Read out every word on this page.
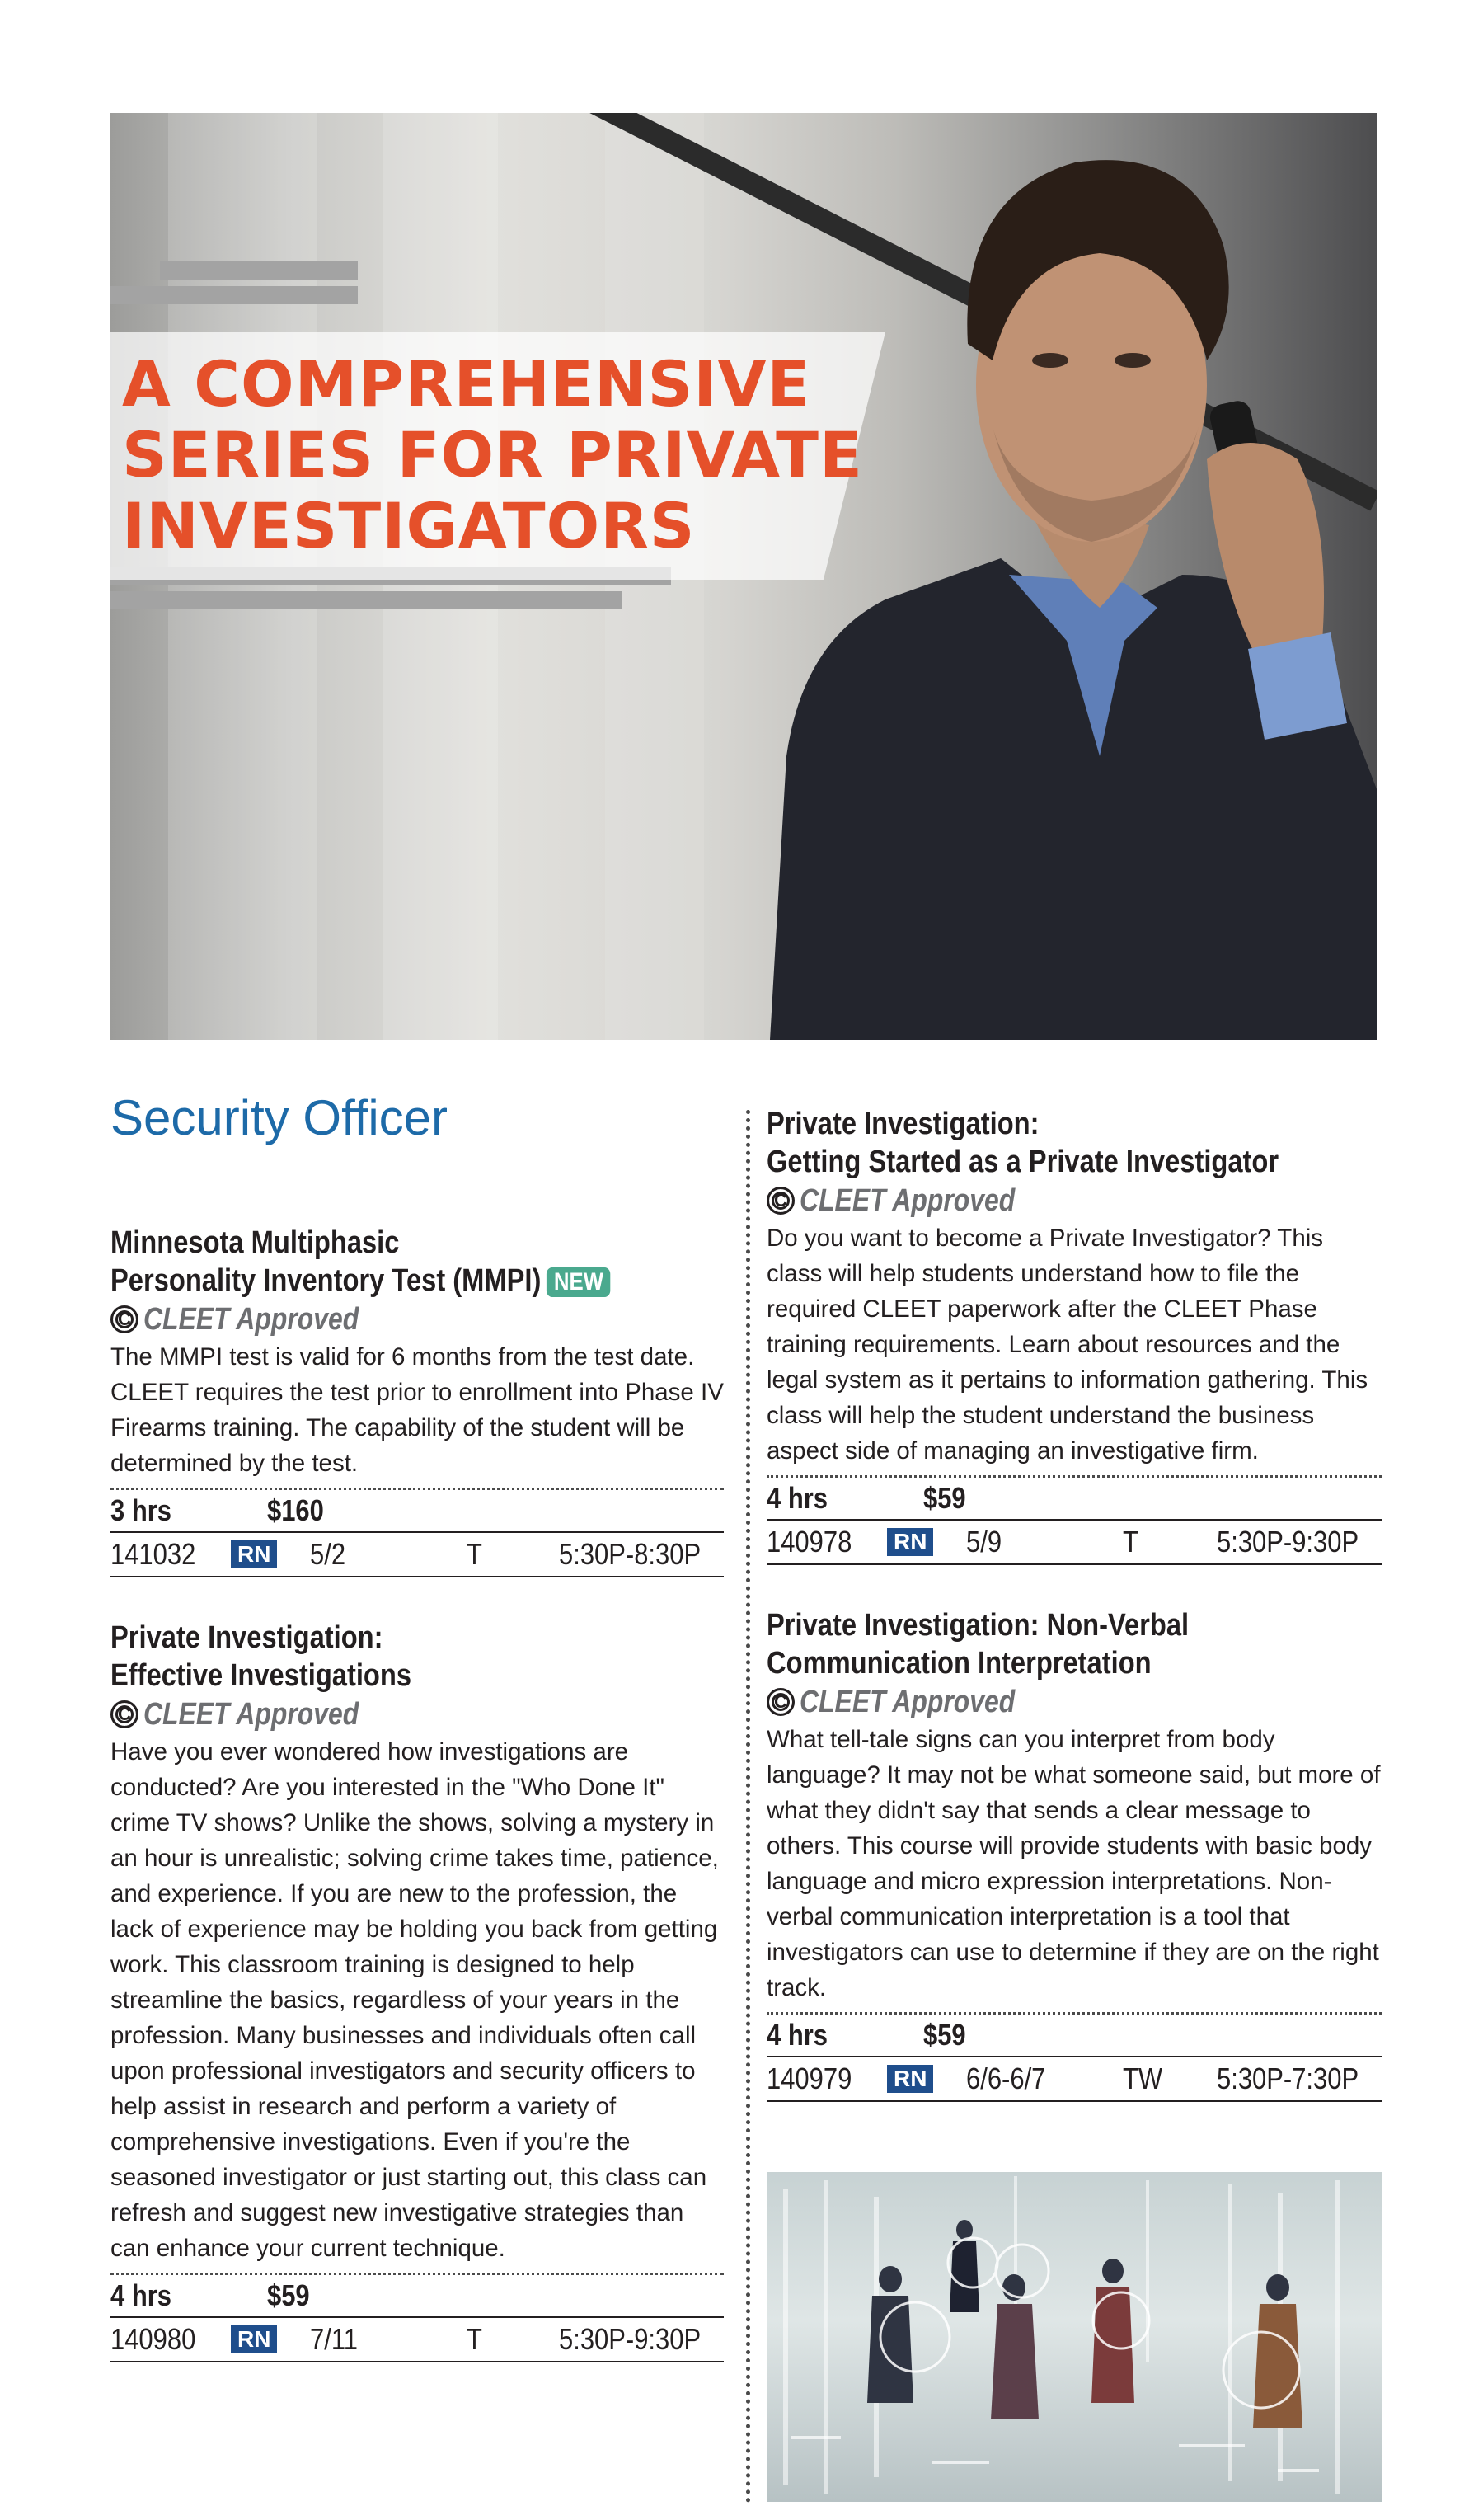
A COMPREHENSIVE
SERIES FOR PRIVATE
INVESTIGATORS
Security Officer
Minnesota Multiphasic
Personality Inventory Test (MMPI) NEW
C CLEET Approved

The MMPI test is valid for 6 months from the test date. CLEET requires the test prior to enrollment into Phase IV Firearms training. The capability of the student will be determined by the test.

3 hrs	$160
141032	RN 5/2	T	5:30P-8:30P
Private Investigation:
Effective Investigations
C CLEET Approved

Have you ever wondered how investigations are conducted? Are you interested in the "Who Done It" crime TV shows? Unlike the shows, solving a mystery in an hour is unrealistic; solving crime takes time, patience, and experience. If you are new to the profession, the lack of experience may be holding you back from getting work. This classroom training is designed to help streamline the basics, regardless of your years in the profession. Many businesses and individuals often call upon professional investigators and security officers to help assist in research and perform a variety of comprehensive investigations. Even if you're the seasoned investigator or just starting out, this class can refresh and suggest new investigative strategies than can enhance your current technique.

4 hrs	$59
140980	RN 7/11	T	5:30P-9:30P
Private Investigation:
Getting Started as a Private Investigator
C CLEET Approved

Do you want to become a Private Investigator? This class will help students understand how to file the required CLEET paperwork after the CLEET Phase training requirements. Learn about resources and the legal system as it pertains to information gathering. This class will help the student understand the business aspect side of managing an investigative firm.

4 hrs	$59
140978	RN 5/9	T	5:30P-9:30P
Private Investigation: Non-Verbal
Communication Interpretation
C CLEET Approved

What tell-tale signs can you interpret from body language? It may not be what someone said, but more of what they didn't say that sends a clear message to others. This course will provide students with basic body language and micro expression interpretations. Non-verbal communication interpretation is a tool that investigators can use to determine if they are on the right track.

4 hrs	$59
140979	RN 6/6-6/7	TW	5:30P-7:30P
